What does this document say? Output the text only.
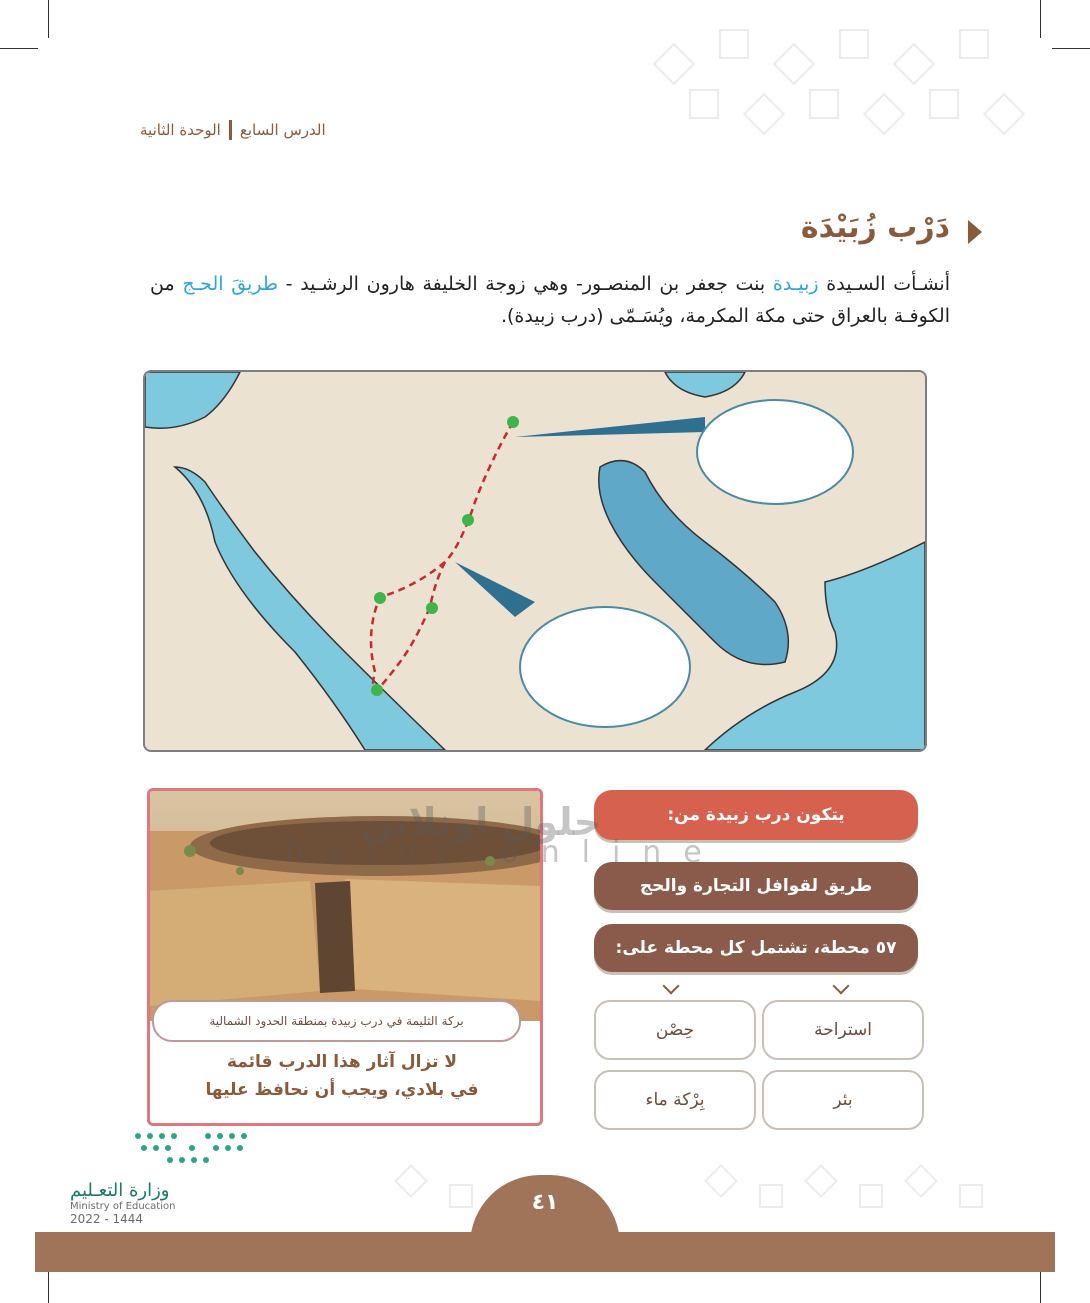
الدرس السابع
الوحدة الثانية
دَرْب زُبَيْدَة
أنشـأت السـيدة زبيـدة بنت جعفر بن المنصـور- وهي زوجة الخليفة هارون الرشـيد - طريقَ الحـج من الكوفـة بالعراق حتى مكة المكرمة، ويُسَـمّى (درب زبيدة).
يتكون درب زبيدة من:
طريق لقوافل التجارة والحج
٥٧ محطة، تشتمل كل محطة على:
استراحة
حِصْن
بئر
بِرْكة ماء
بركة الثليمة في درب زبيدة بمنطقة الحدود الشمالية
لا تزال آثار هذا الدرب قائمة
في بلادي، ويجب أن نحافظ عليها
حلول اونلاين
hulul.online
وزارة التعـليم
Ministry of Education
2022 - 1444
٤١
